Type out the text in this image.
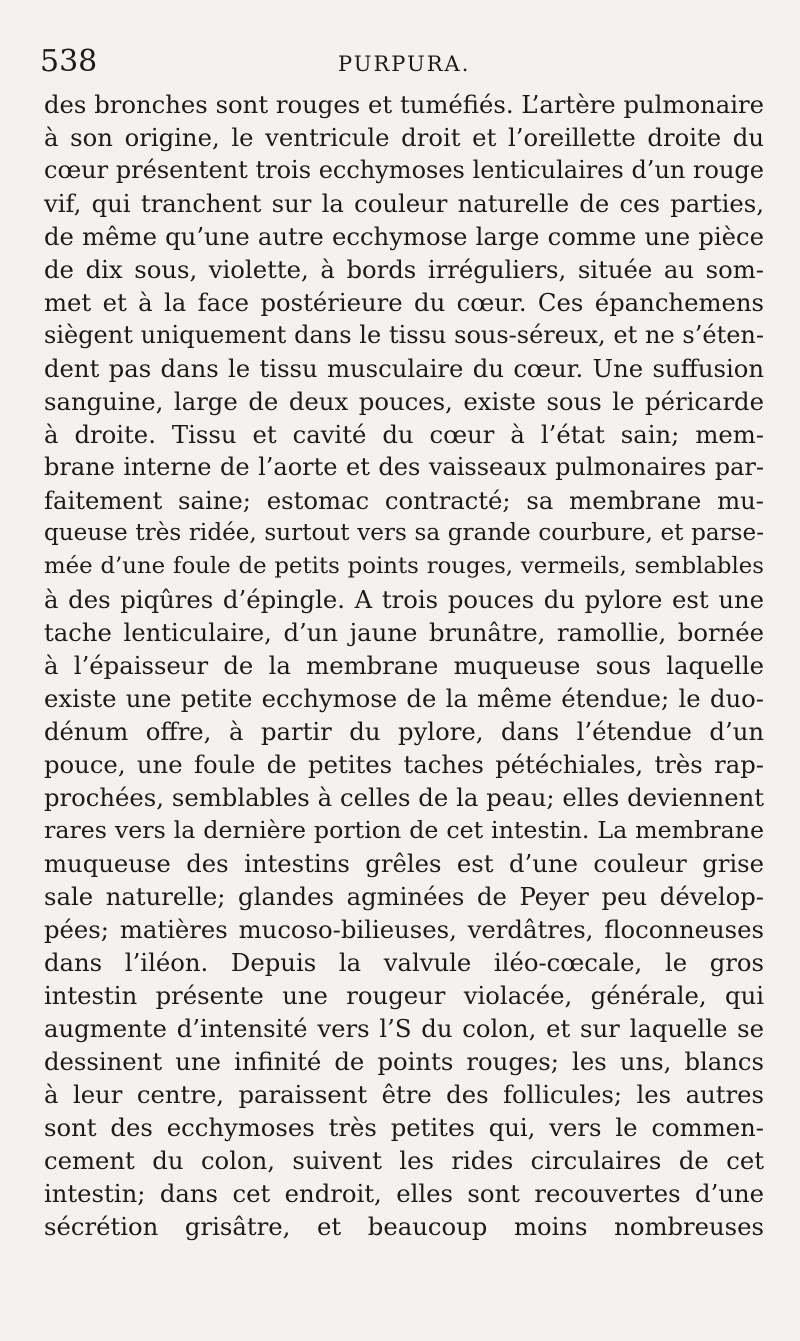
538	PURPURA.
des bronches sont rouges et tuméfiés. L’artère pulmonaire
à son origine, le ventricule droit et l’oreillette droite du
cœur présentent trois ecchymoses lenticulaires d’un rouge
vif, qui tranchent sur la couleur naturelle de ces parties,
de même qu’une autre ecchymose large comme une pièce
de dix sous, violette, à bords irréguliers, située au som-
met et à la face postérieure du cœur. Ces épanchemens
siègent uniquement dans le tissu sous-séreux, et ne s’éten-
dent pas dans le tissu musculaire du cœur. Une suffusion
sanguine, large de deux pouces, existe sous le péricarde
à droite. Tissu et cavité du cœur à l’état sain; mem-
brane interne de l’aorte et des vaisseaux pulmonaires par-
faitement saine; estomac contracté; sa membrane mu-
queuse très ridée, surtout vers sa grande courbure, et parse-
mée d’une foule de petits points rouges, vermeils, semblables
à des piqûres d’épingle. A trois pouces du pylore est une
tache lenticulaire, d’un jaune brunâtre, ramollie, bornée
à l’épaisseur de la membrane muqueuse sous laquelle
existe une petite ecchymose de la même étendue; le duo-
dénum offre, à partir du pylore, dans l’étendue d’un
pouce, une foule de petites taches pétéchiales, très rap-
prochées, semblables à celles de la peau; elles deviennent
rares vers la dernière portion de cet intestin. La membrane
muqueuse des intestins grêles est d’une couleur grise
sale naturelle; glandes agminées de Peyer peu dévelop-
pées; matières mucoso-bilieuses, verdâtres, floconneuses
dans l’iléon. Depuis la valvule iléo-cœcale, le gros
intestin présente une rougeur violacée, générale, qui
augmente d’intensité vers l’S du colon, et sur laquelle se
dessinent une infinité de points rouges; les uns, blancs
à leur centre, paraissent être des follicules; les autres
sont des ecchymoses très petites qui, vers le commen-
cement du colon, suivent les rides circulaires de cet
intestin; dans cet endroit, elles sont recouvertes d’une
sécrétion grisâtre, et beaucoup moins nombreuses
